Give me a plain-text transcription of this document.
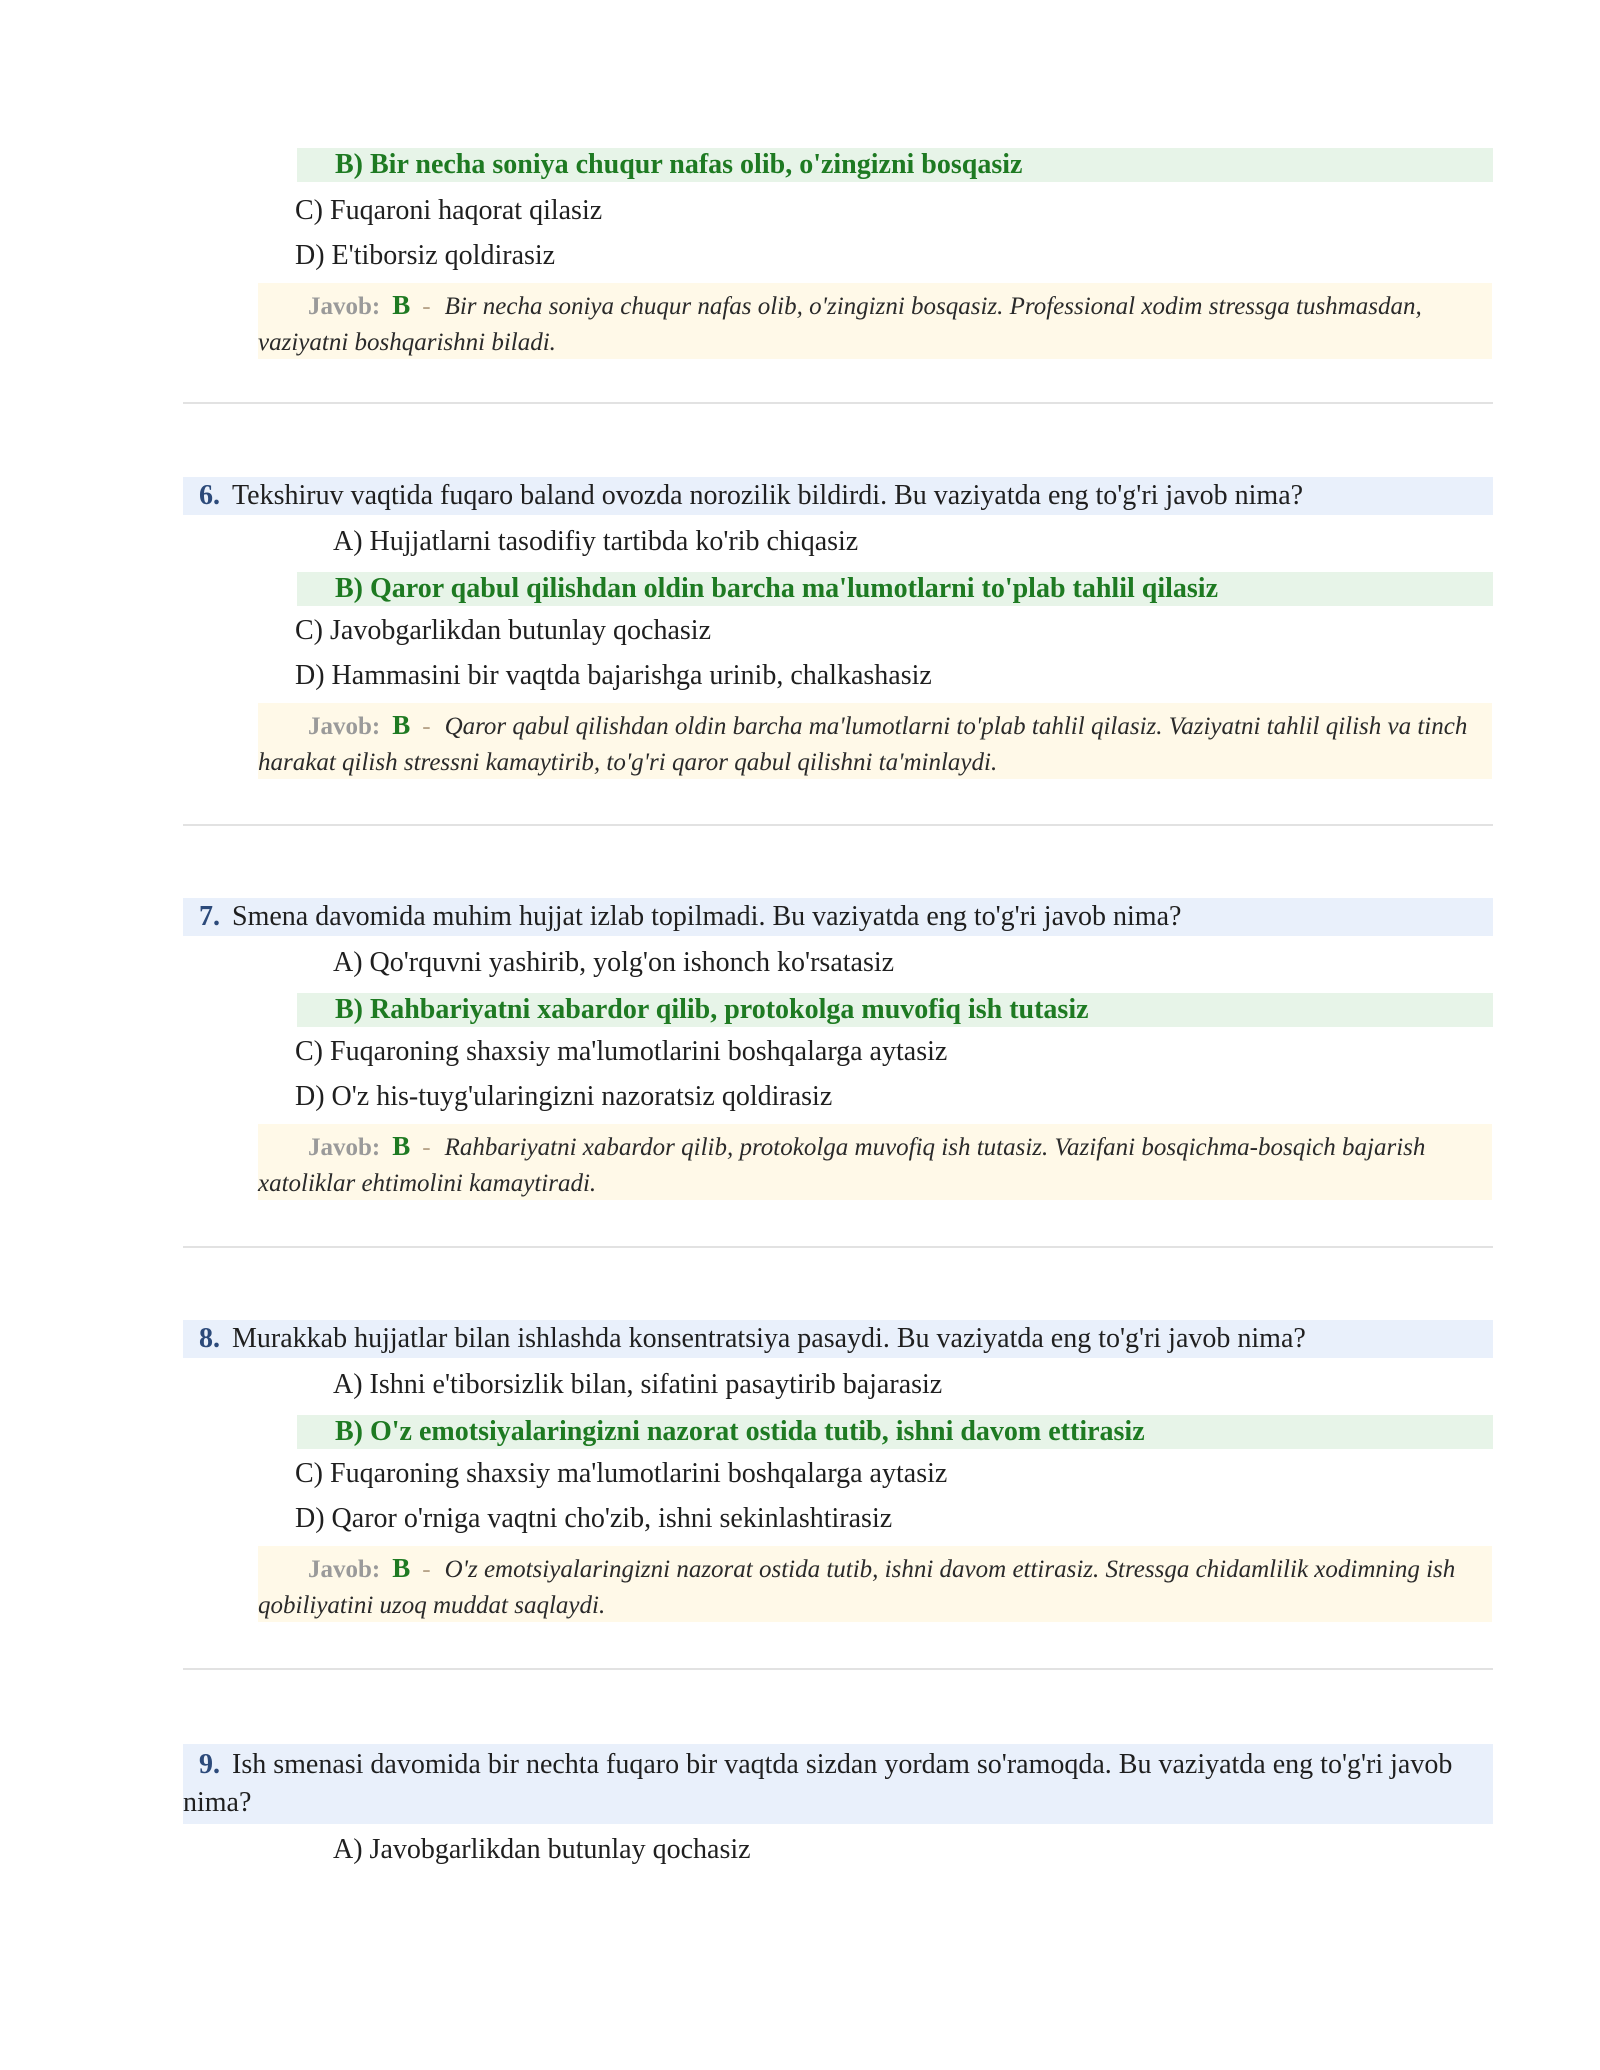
B) Bir necha soniya chuqur nafas olib, o'zingizni bosqasiz
C) Fuqaroni haqorat qilasiz
D) E'tiborsiz qoldirasiz
Javob: B - Bir necha soniya chuqur nafas olib, o'zingizni bosqasiz. Professional xodim stressga tushmasdan, vaziyatni boshqarishni biladi.
6. Tekshiruv vaqtida fuqaro baland ovozda norozilik bildirdi. Bu vaziyatda eng to'g'ri javob nima?
A) Hujjatlarni tasodifiy tartibda ko'rib chiqasiz
B) Qaror qabul qilishdan oldin barcha ma'lumotlarni to'plab tahlil qilasiz
C) Javobgarlikdan butunlay qochasiz
D) Hammasini bir vaqtda bajarishga urinib, chalkashasiz
Javob: B - Qaror qabul qilishdan oldin barcha ma'lumotlarni to'plab tahlil qilasiz. Vaziyatni tahlil qilish va tinch harakat qilish stressni kamaytirib, to'g'ri qaror qabul qilishni ta'minlaydi.
7. Smena davomida muhim hujjat izlab topilmadi. Bu vaziyatda eng to'g'ri javob nima?
A) Qo'rquvni yashirib, yolg'on ishonch ko'rsatasiz
B) Rahbariyatni xabardor qilib, protokolga muvofiq ish tutasiz
C) Fuqaroning shaxsiy ma'lumotlarini boshqalarga aytasiz
D) O'z his-tuyg'ularingizni nazoratsiz qoldirasiz
Javob: B - Rahbariyatni xabardor qilib, protokolga muvofiq ish tutasiz. Vazifani bosqichma-bosqich bajarish xatoliklar ehtimolini kamaytiradi.
8. Murakkab hujjatlar bilan ishlashda konsentratsiya pasaydi. Bu vaziyatda eng to'g'ri javob nima?
A) Ishni e'tiborsizlik bilan, sifatini pasaytirib bajarasiz
B) O'z emotsiyalaringizni nazorat ostida tutib, ishni davom ettirasiz
C) Fuqaroning shaxsiy ma'lumotlarini boshqalarga aytasiz
D) Qaror o'rniga vaqtni cho'zib, ishni sekinlashtirasiz
Javob: B - O'z emotsiyalaringizni nazorat ostida tutib, ishni davom ettirasiz. Stressga chidamlilik xodimning ish qobiliyatini uzoq muddat saqlaydi.
9. Ish smenasi davomida bir nechta fuqaro bir vaqtda sizdan yordam so'ramoqda. Bu vaziyatda eng to'g'ri javob nima?
A) Javobgarlikdan butunlay qochasiz
